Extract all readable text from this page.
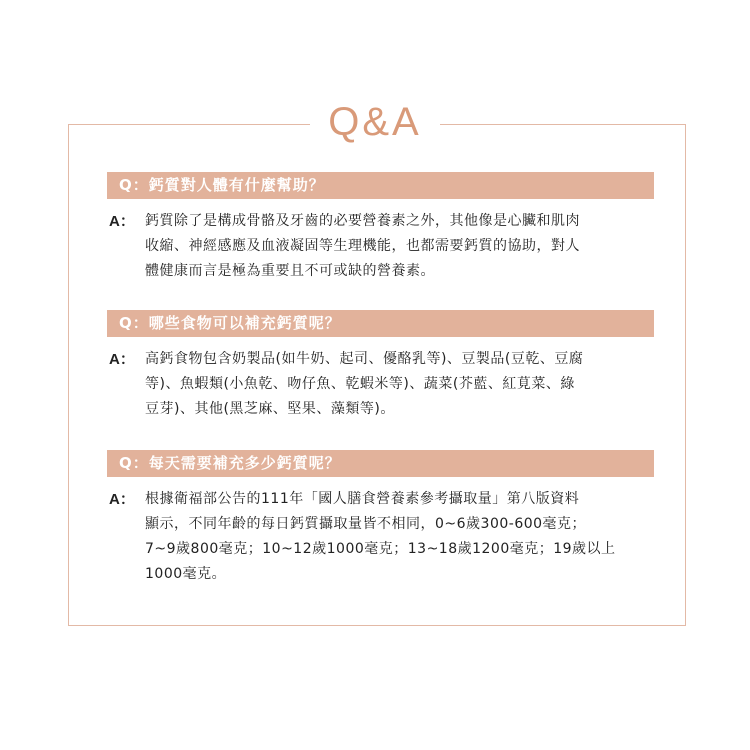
Q&A
Q：鈣質對人體有什麼幫助？
A： 鈣質除了是構成骨骼及牙齒的必要營養素之外，其他像是心臟和肌肉
收縮、神經感應及血液凝固等生理機能，也都需要鈣質的協助，對人
體健康而言是極為重要且不可或缺的營養素。
Q：哪些食物可以補充鈣質呢？
A： 高鈣食物包含奶製品(如牛奶、起司、優酪乳等)、豆製品(豆乾、豆腐
等)、魚蝦類(小魚乾、吻仔魚、乾蝦米等)、蔬菜(芥藍、紅莧菜、綠
豆芽)、其他(黑芝麻、堅果、藻類等)。
Q：每天需要補充多少鈣質呢？
A： 根據衛福部公告的111年「國人膳食營養素參考攝取量」第八版資料
顯示，不同年齡的每日鈣質攝取量皆不相同，0~6歲300-600毫克；
7~9歲800毫克；10~12歲1000毫克；13~18歲1200毫克；19歲以上
1000毫克。
